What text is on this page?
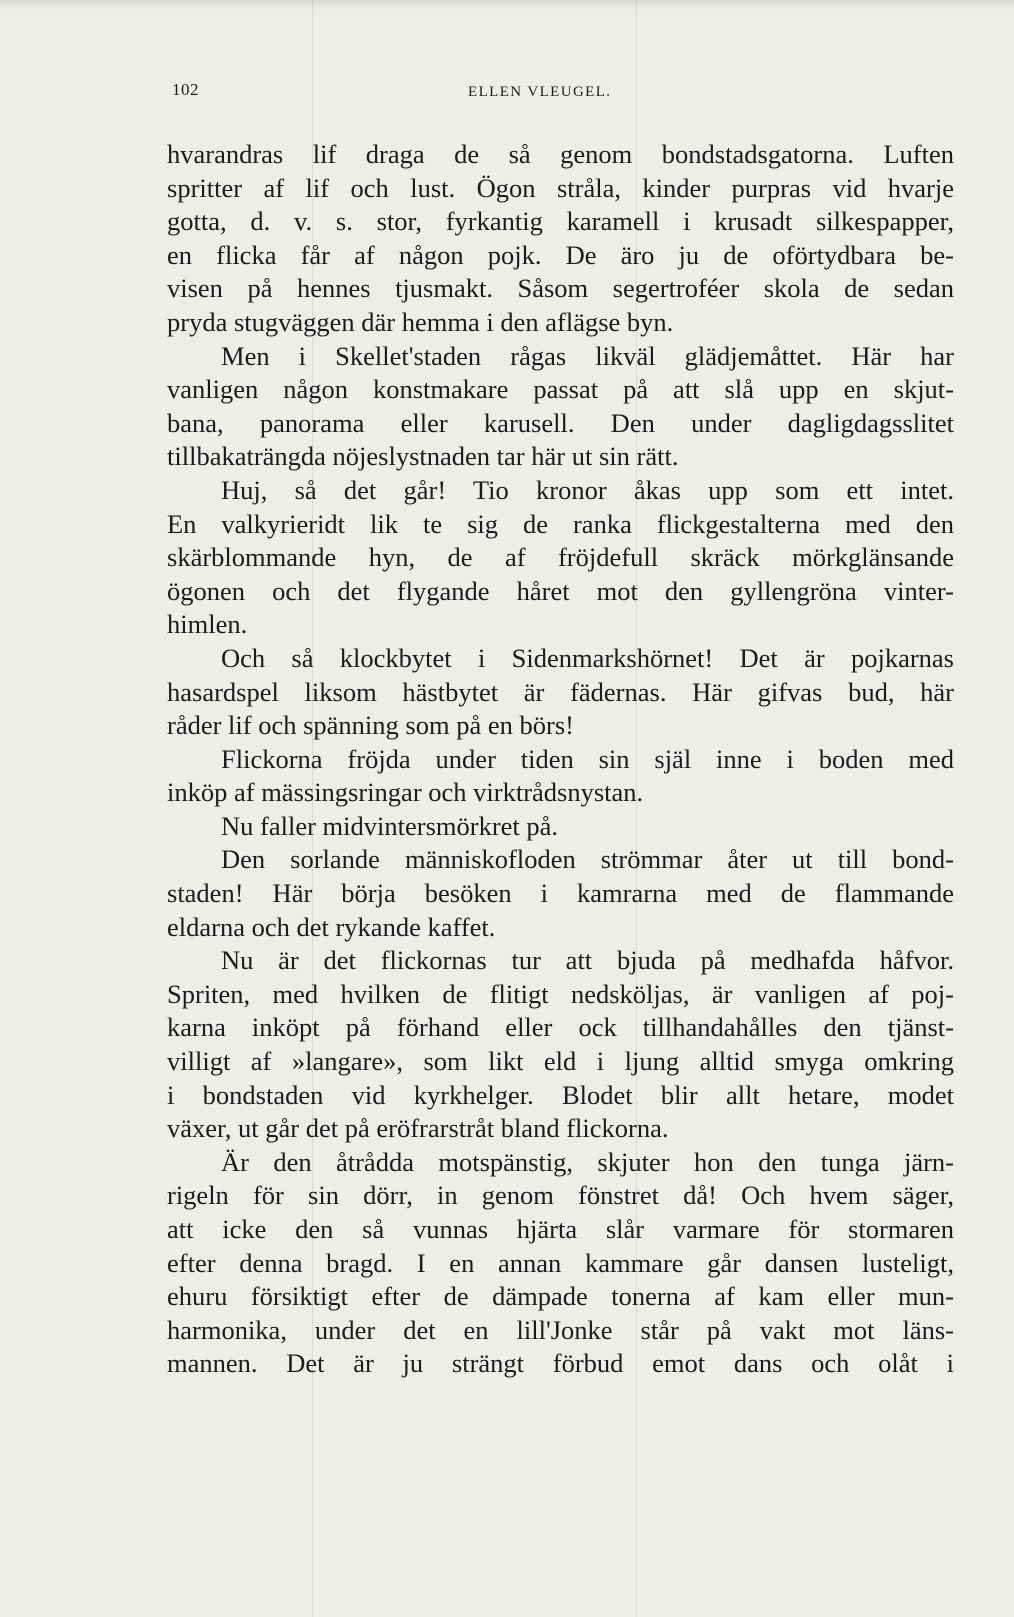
102	ELLEN VLEUGEL.
hvarandras lif draga de så genom bondstadsgatorna. Luften
spritter af lif och lust. Ögon stråla, kinder purpras vid hvarje
gotta, d. v. s. stor, fyrkantig karamell i krusadt silkespapper,
en flicka får af någon pojk. De äro ju de oförtydbara be-
visen på hennes tjusmakt. Såsom segertroféer skola de sedan
pryda stugväggen där hemma i den aflägse byn.
Men i Skellet'staden rågas likväl glädjemåttet. Här har
vanligen någon konstmakare passat på att slå upp en skjut-
bana, panorama eller karusell. Den under dagligdagsslitet
tillbakaträngda nöjeslystnaden tar här ut sin rätt.
Huj, så det går! Tio kronor åkas upp som ett intet.
En valkyrieridt lik te sig de ranka flickgestalterna med den
skärblommande hyn, de af fröjdefull skräck mörkglänsande
ögonen och det flygande håret mot den gyllengröna vinter-
himlen.
Och så klockbytet i Sidenmarkshörnet! Det är pojkarnas
hasardspel liksom hästbytet är fädernas. Här gifvas bud, här
råder lif och spänning som på en börs!
Flickorna fröjda under tiden sin själ inne i boden med
inköp af mässingsringar och virktrådsnystan.
Nu faller midvintersmörkret på.
Den sorlande människofloden strömmar åter ut till bond-
staden! Här börja besöken i kamrarna med de flammande
eldarna och det rykande kaffet.
Nu är det flickornas tur att bjuda på medhafda håfvor.
Spriten, med hvilken de flitigt nedsköljas, är vanligen af poj-
karna inköpt på förhand eller ock tillhandahålles den tjänst-
villigt af »langare», som likt eld i ljung alltid smyga omkring
i bondstaden vid kyrkhelger. Blodet blir allt hetare, modet
växer, ut går det på eröfrarstråt bland flickorna.
Är den åtrådda motspänstig, skjuter hon den tunga järn-
rigeln för sin dörr, in genom fönstret då! Och hvem säger,
att icke den så vunnas hjärta slår varmare för stormaren
efter denna bragd. I en annan kammare går dansen lusteligt,
ehuru försiktigt efter de dämpade tonerna af kam eller mun-
harmonika, under det en lill'Jonke står på vakt mot läns-
mannen. Det är ju strängt förbud emot dans och olåt i
